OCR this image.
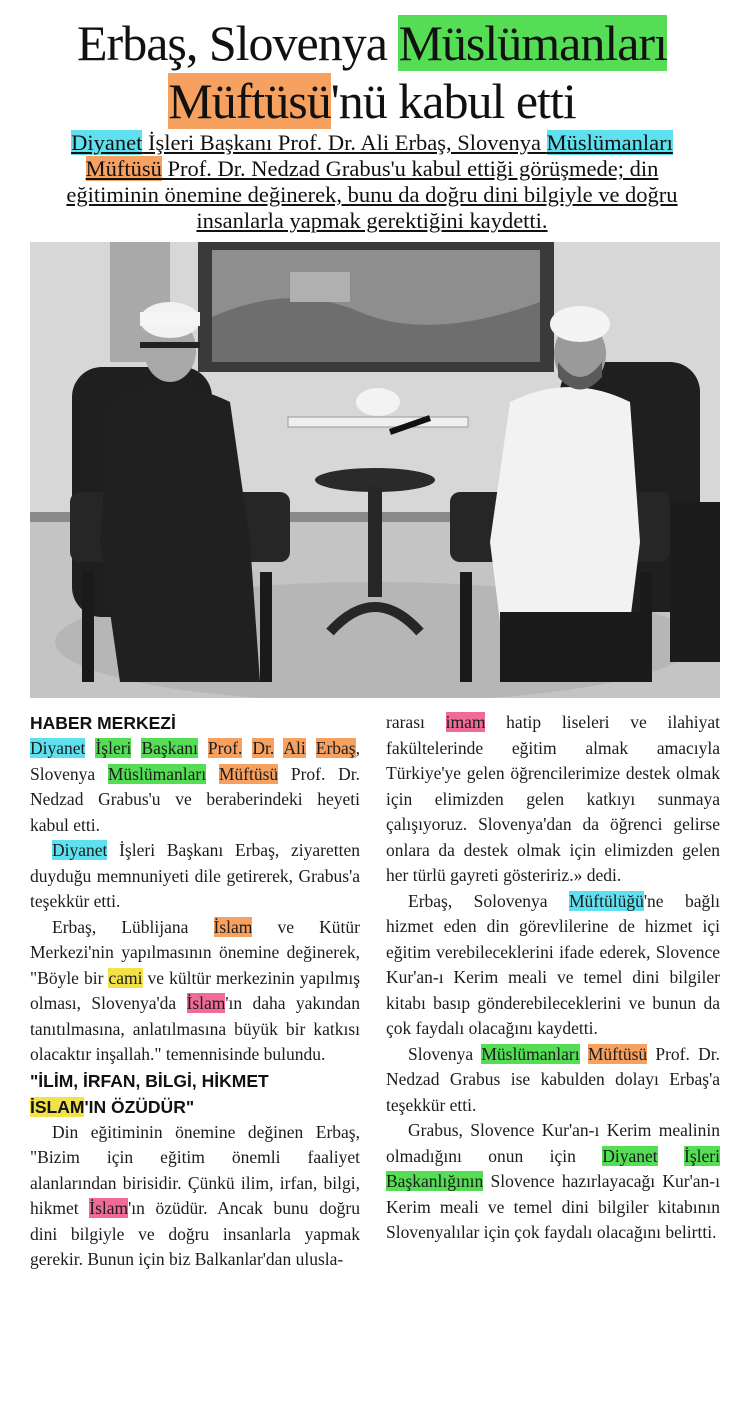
Erbaş, Slovenya Müslümanları
Müftüsü'nü kabul etti

Diyanet İşleri Başkanı Prof. Dr. Ali Erbaş, Slovenya Müslümanları Müftüsü Prof. Dr. Nedzad Grabus'u kabul ettiği görüşmede; din eğitiminin önemine değinerek, bunu da doğru dini bilgiyle ve doğru insanlarla yapmak gerektiğini kaydetti.

HABER MERKEZİ

Diyanet İşleri Başkanı Prof. Dr. Ali Erbaş, Slovenya Müslümanları Müftüsü Prof. Dr. Nedzad Grabus'u ve beraberindeki heyeti kabul etti.

Diyanet İşleri Başkanı Erbaş, ziyaretten duyduğu memnuniyeti dile getirerek, Grabus'a teşekkür etti.

Erbaş, Lüblijana İslam ve Kütür Merkezi'nin yapılmasının önemine değinerek, "Böyle bir cami ve kültür merkezinin yapılmış olması, Slovenya'da İslam'ın daha yakından tanıtılmasına, anlatılmasına büyük bir katkısı olacaktır inşallah." temennisinde bulundu.

"İLİM, İRFAN, BİLGİ, HİKMET
İSLAM'IN ÖZÜDÜR"

Din eğitiminin önemine değinen Erbaş, "Bizim için eğitim önemli faaliyet alanlarından birisidir. Çünkü ilim, irfan, bilgi, hikmet İslam'ın özüdür. Ancak bunu doğru dini bilgiyle ve doğru insanlarla yapmak gerekir. Bunun için biz Balkanlar'dan ulusla-

rarası imam hatip liseleri ve ilahiyat fakültelerinde eğitim almak amacıyla Türkiye'ye gelen öğrencilerimize destek olmak için elimizden gelen katkıyı sunmaya çalışıyoruz. Slovenya'dan da öğrenci gelirse onlara da destek olmak için elimizden gelen her türlü gayreti gösteririz.» dedi.

Erbaş, Solovenya Müftülüğü'ne bağlı hizmet eden din görevlilerine de hizmet içi eğitim verebileceklerini ifade ederek, Slovence Kur'an-ı Kerim meali ve temel dini bilgiler kitabı basıp gönderebileceklerini ve bunun da çok faydalı olacağını kaydetti.

Slovenya Müslümanları Müftüsü Prof. Dr. Nedzad Grabus ise kabulden dolayı Erbaş'a teşekkür etti.

Grabus, Slovence Kur'an-ı Kerim mealinin olmadığını onun için Diyanet İşleri Başkanlığının Slovence hazırlayacağı Kur'an-ı Kerim meali ve temel dini bilgiler kitabının Slovenyalılar için çok faydalı olacağını belirtti.
